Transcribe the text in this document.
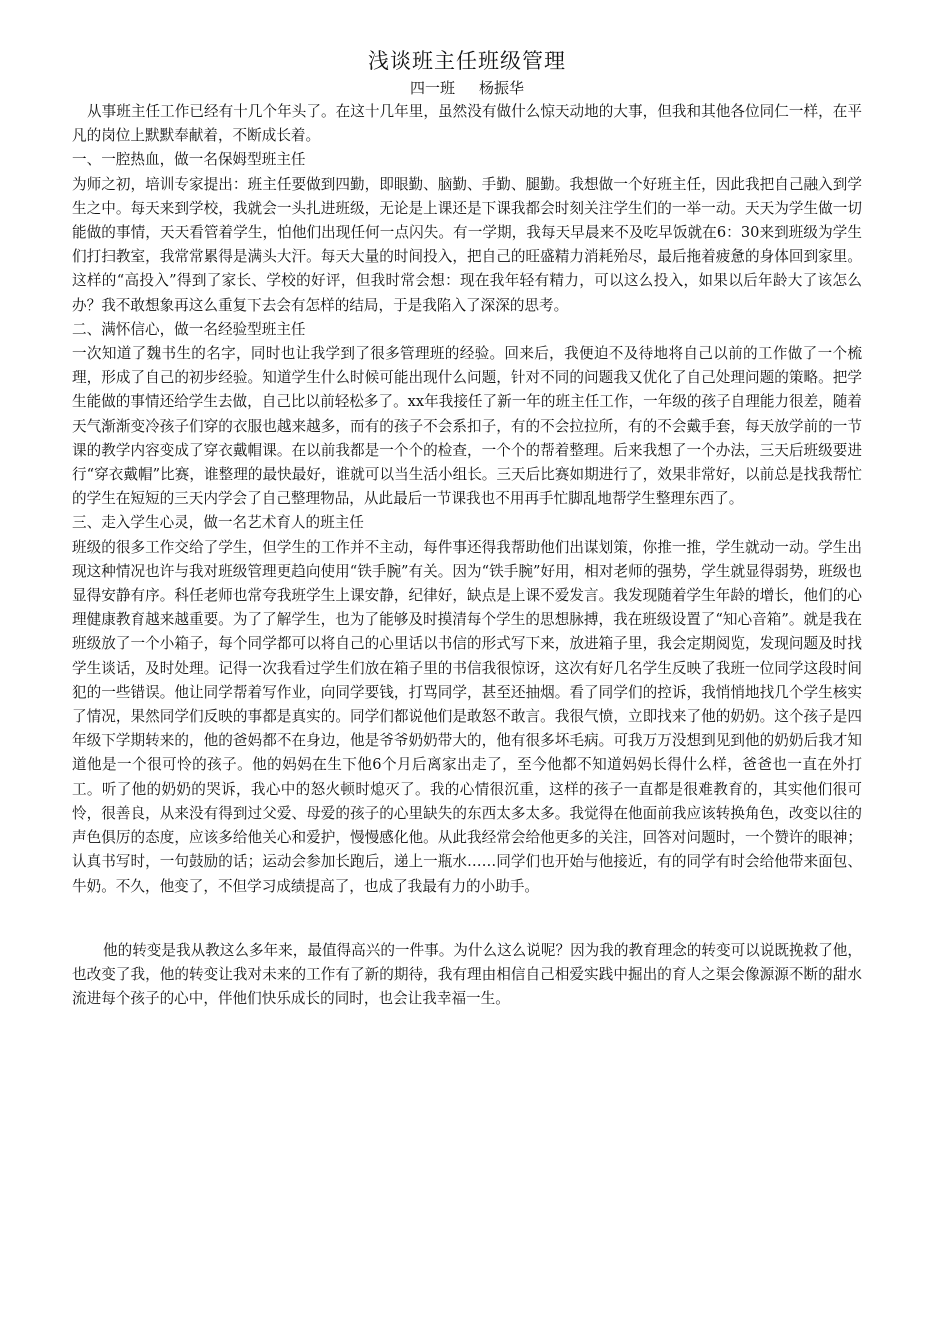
浅谈班主任班级管理
四一班 杨振华

从事班主任工作已经有十几个年头了。在这十几年里，虽然没有做什么惊天动地的大事，但我和其他各位同仁一样，在平凡的岗位上默默奉献着，不断成长着。

一、一腔热血，做一名保姆型班主任

为师之初，培训专家提出：班主任要做到四勤，即眼勤、脑勤、手勤、腿勤。我想做一个好班主任，因此我把自己融入到学生之中。每天来到学校，我就会一头扎进班级，无论是上课还是下课我都会时刻关注学生们的一举一动。天天为学生做一切能做的事情，天天看管着学生，怕他们出现任何一点闪失。有一学期，我每天早晨来不及吃早饭就在6：30来到班级为学生们打扫教室，我常常累得是满头大汗。每天大量的时间投入，把自己的旺盛精力消耗殆尽，最后拖着疲惫的身体回到家里。这样的“高投入”得到了家长、学校的好评，但我时常会想：现在我年轻有精力，可以这么投入，如果以后年龄大了该怎么办？我不敢想象再这么重复下去会有怎样的结局，于是我陷入了深深的思考。

二、满怀信心，做一名经验型班主任

一次知道了魏书生的名字，同时也让我学到了很多管理班的经验。回来后，我便迫不及待地将自己以前的工作做了一个梳理，形成了自己的初步经验。知道学生什么时候可能出现什么问题，针对不同的问题我又优化了自己处理问题的策略。把学生能做的事情还给学生去做，自己比以前轻松多了。xx年我接任了新一年的班主任工作，一年级的孩子自理能力很差，随着天气渐渐变冷孩子们穿的衣服也越来越多，而有的孩子不会系扣子，有的不会拉拉所，有的不会戴手套，每天放学前的一节课的教学内容变成了穿衣戴帽课。在以前我都是一个个的检查，一个个的帮着整理。后来我想了一个办法，三天后班级要进行“穿衣戴帽”比赛，谁整理的最快最好，谁就可以当生活小组长。三天后比赛如期进行了，效果非常好，以前总是找我帮忙的学生在短短的三天内学会了自己整理物品，从此最后一节课我也不用再手忙脚乱地帮学生整理东西了。

三、走入学生心灵，做一名艺术育人的班主任

班级的很多工作交给了学生，但学生的工作并不主动，每件事还得我帮助他们出谋划策，你推一推，学生就动一动。学生出现这种情况也许与我对班级管理更趋向使用“铁手腕”有关。因为“铁手腕”好用，相对老师的强势，学生就显得弱势，班级也显得安静有序。科任老师也常夸我班学生上课安静，纪律好，缺点是上课不爱发言。我发现随着学生年龄的增长，他们的心理健康教育越来越重要。为了了解学生，也为了能够及时摸清每个学生的思想脉搏，我在班级设置了“知心音箱”。就是我在班级放了一个小箱子，每个同学都可以将自己的心里话以书信的形式写下来，放进箱子里，我会定期阅览，发现问题及时找学生谈话，及时处理。记得一次我看过学生们放在箱子里的书信我很惊讶，这次有好几名学生反映了我班一位同学这段时间犯的一些错误。他让同学帮着写作业，向同学要钱，打骂同学，甚至还抽烟。看了同学们的控诉，我悄悄地找几个学生核实了情况，果然同学们反映的事都是真实的。同学们都说他们是敢怒不敢言。我很气愤，立即找来了他的奶奶。这个孩子是四年级下学期转来的，他的爸妈都不在身边，他是爷爷奶奶带大的，他有很多坏毛病。可我万万没想到见到他的奶奶后我才知道他是一个很可怜的孩子。他的妈妈在生下他6个月后离家出走了，至今他都不知道妈妈长得什么样，爸爸也一直在外打工。听了他的奶奶的哭诉，我心中的怒火顿时熄灭了。我的心情很沉重，这样的孩子一直都是很难教育的，其实他们很可怜，很善良，从来没有得到过父爱、母爱的孩子的心里缺失的东西太多太多。我觉得在他面前我应该转换角色，改变以往的声色俱厉的态度，应该多给他关心和爱护，慢慢感化他。从此我经常会给他更多的关注，回答对问题时，一个赞许的眼神；认真书写时，一句鼓励的话；运动会参加长跑后，递上一瓶水……同学们也开始与他接近，有的同学有时会给他带来面包、牛奶。不久，他变了，不但学习成绩提高了，也成了我最有力的小助手。

他的转变是我从教这么多年来，最值得高兴的一件事。为什么这么说呢？因为我的教育理念的转变可以说既挽救了他，也改变了我，他的转变让我对未来的工作有了新的期待，我有理由相信自己相爱实践中掘出的育人之渠会像源源不断的甜水流进每个孩子的心中，伴他们快乐成长的同时，也会让我幸福一生。
